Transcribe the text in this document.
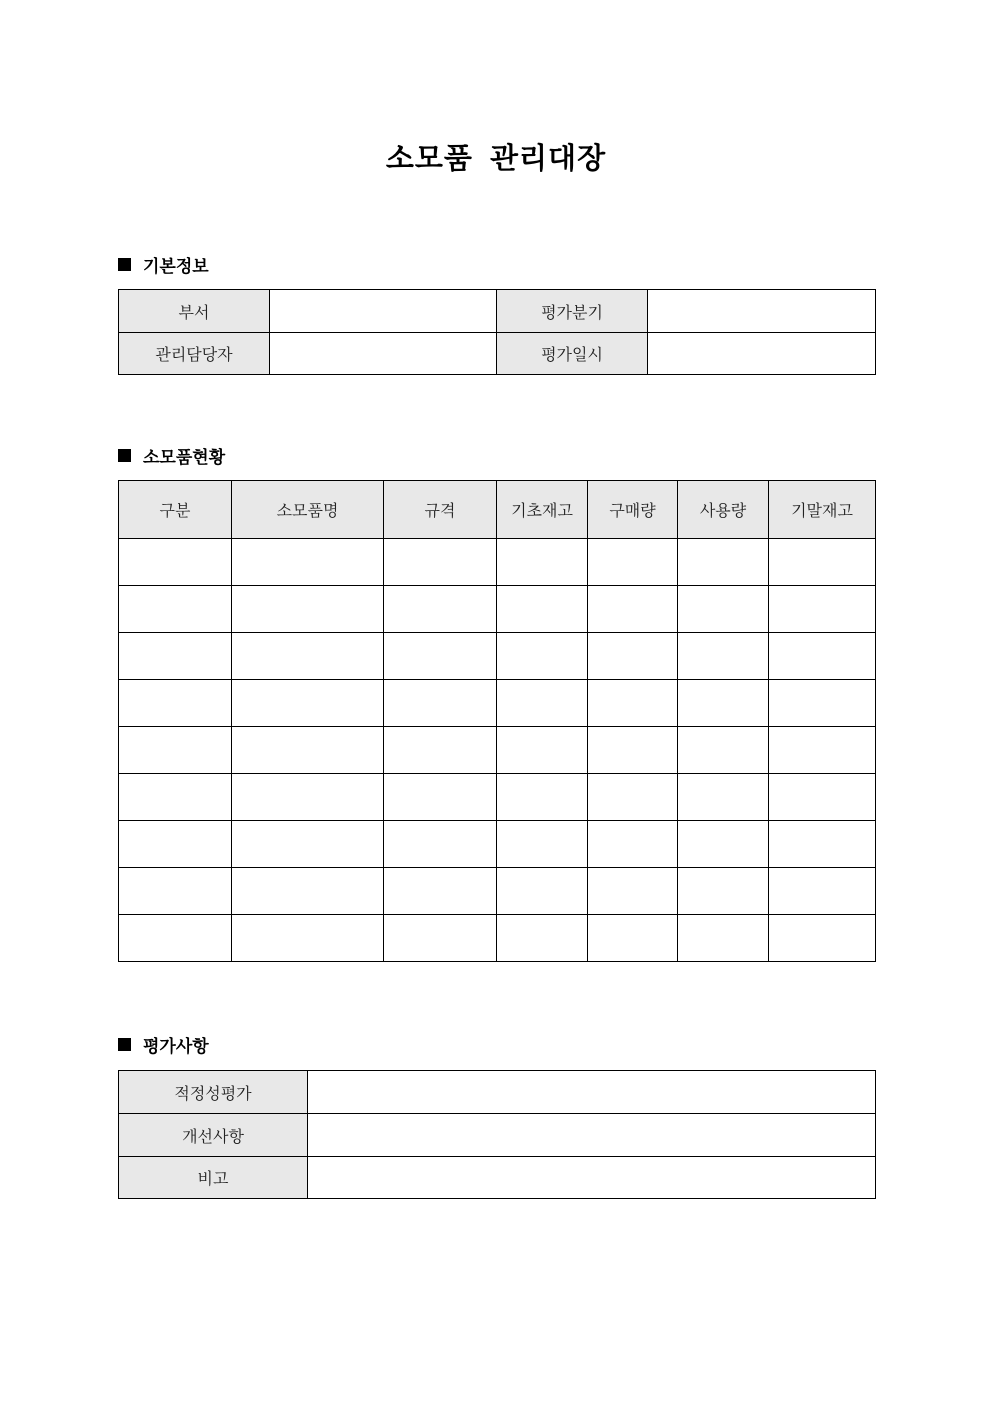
소모품 관리대장
기본정보
부서		평가분기	
관리담당자		평가일시	
소모품현황
구분	소모품명	규격	기초재고	구매량	사용량	기말재고

평가사항
적정성평가	
개선사항	
비고	
